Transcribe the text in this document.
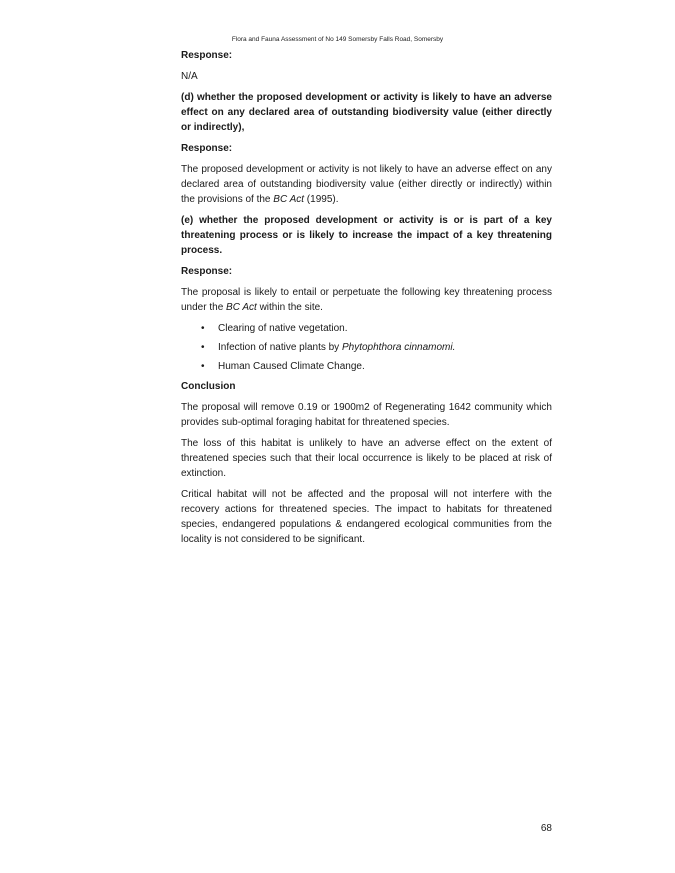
Flora and Fauna Assessment of No 149 Somersby Falls Road, Somersby

Response:

N/A

(d) whether the proposed development or activity is likely to have an adverse effect on any declared area of outstanding biodiversity value (either directly or indirectly),

Response:

The proposed development or activity is not likely to have an adverse effect on any declared area of outstanding biodiversity value (either directly or indirectly) within the provisions of the BC Act (1995).

(e) whether the proposed development or activity is or is part of a key threatening process or is likely to increase the impact of a key threatening process.

Response:

The proposal is likely to entail or perpetuate the following key threatening process under the BC Act within the site.

• Clearing of native vegetation.
• Infection of native plants by Phytophthora cinnamomi.
• Human Caused Climate Change.

Conclusion

The proposal will remove 0.19 or 1900m2 of Regenerating 1642 community which provides sub-optimal foraging habitat for threatened species.

The loss of this habitat is unlikely to have an adverse effect on the extent of threatened species such that their local occurrence is likely to be placed at risk of extinction.

Critical habitat will not be affected and the proposal will not interfere with the recovery actions for threatened species. The impact to habitats for threatened species, endangered populations & endangered ecological communities from the locality is not considered to be significant.

68
